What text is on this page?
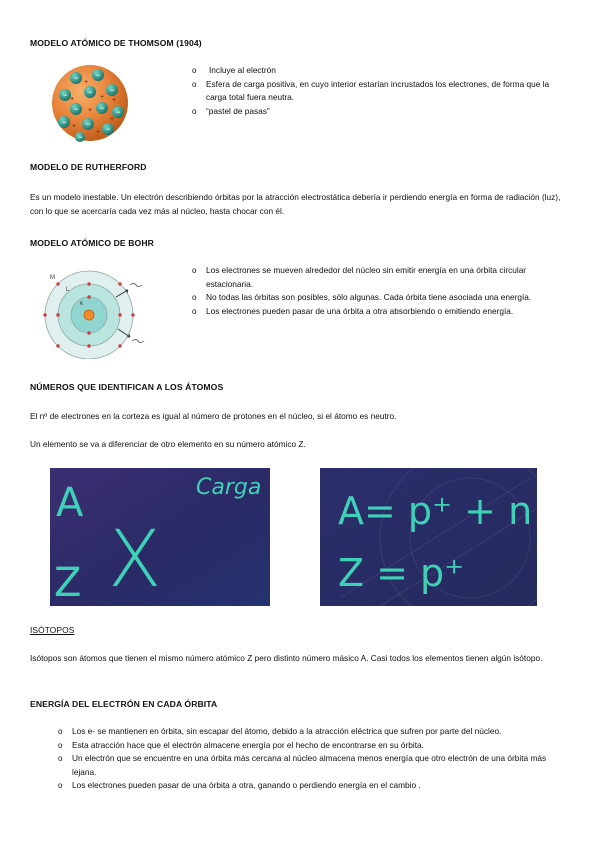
MODELO ATÓMICO DE THOMSOM (1904)
−	−
−	−	−
−	−
−
−	−
−
−
+
+	+
+
+
+
+
+
o Incluye al electrón
o Esfera de carga positiva, en cuyo interior estarían incrustados los electrones, de forma que la carga total fuera neutra.
o “pastel de pasas”
MODELO DE RUTHERFORD

Es un modelo inestable. Un electrón describiendo órbitas por la atracción electrostática debería ir perdiendo energía en forma de radiación (luz), con lo que se acercaría cada vez más al núcleo, hasta chocar con él.

MODELO ATÓMICO DE BOHR
M
L
K
o Los electrones se mueven alrededor del núcleo sin emitir energía en una órbita circular estacionaria.
o No todas las órbitas son posibles, sólo algunas. Cada órbita tiene asociada una energía.
o Los electrones pueden pasar de una órbita a otra absorbiendo o emitiendo energía.
NÚMEROS QUE IDENTIFICAN A LOS ÁTOMOS

El nº de electrones en la corteza es igual al número de protones en el núcleo, si el átomo es neutro.

Un elemento se va a diferenciar de otro elemento en su número atómico Z.

A
Z X
Carga
A= p⁺ + n
Z = p⁺
ISÓTOPOS

Isótopos son átomos que tienen el mismo número atómico Z pero distinto número másico A. Casi todos los elementos tienen algún isótopo.

ENERGÍA DEL ELECTRÓN EN CADA ÓRBITA
o Los e- se mantienen en órbita, sin escapar del átomo, debido a la atracción eléctrica que sufren por parte del núcleo.
o Esta atracción hace que el electrón almacene energía por el hecho de encontrarse en su órbita.
o Un electrón que se encuentre en una órbita más cercana al núcleo almacena menos energía que otro electrón de una órbita más lejana.
o Los electrones pueden pasar de una órbita a otra, ganando o perdiendo energía en el cambio .
